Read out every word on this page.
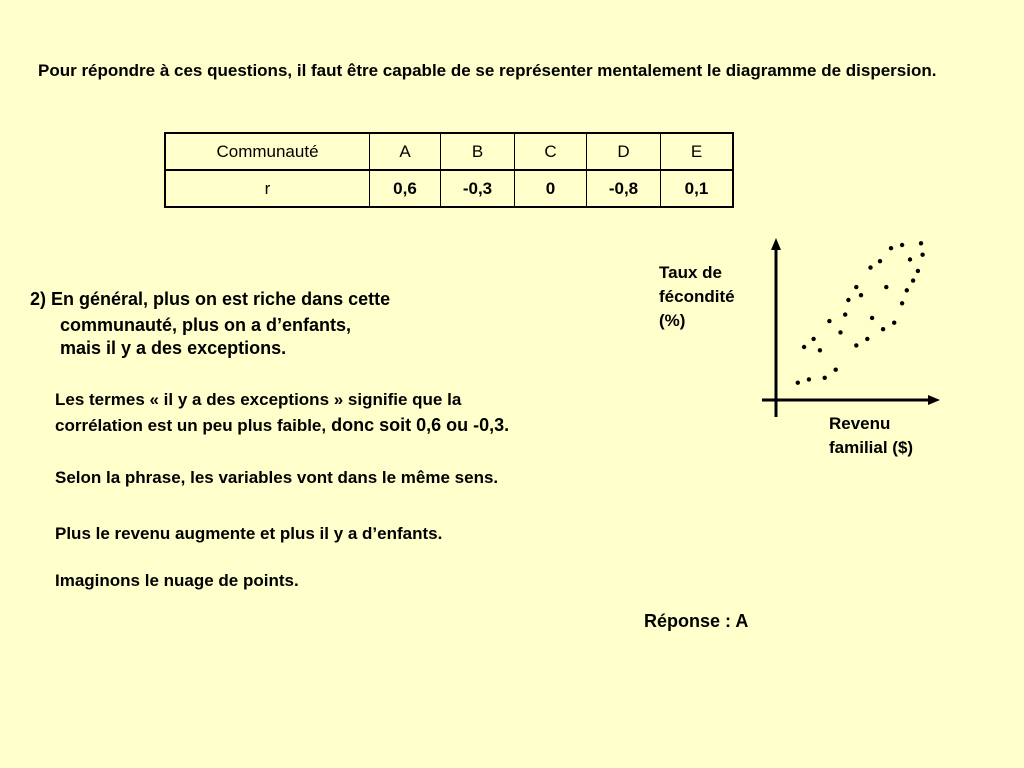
Pour répondre à ces questions, il faut être capable de se représenter mentalement le diagramme de dispersion.
Communauté	A	B	C	D	E
r	0,6	-0,3	0	-0,8	0,1
2) En général, plus on est riche dans cette
communauté, plus on a d’enfants,
mais il y a des exceptions.
Les termes « il y a des exceptions » signifie que la
corrélation est un peu plus faible, donc soit 0,6 ou -0,3.
Selon la phrase, les variables vont dans le même sens.
Plus le revenu augmente et plus il y a d’enfants.
Imaginons le nuage de points.
Réponse : A
Taux de
fécondité
(%)
Revenu
familial ($)
